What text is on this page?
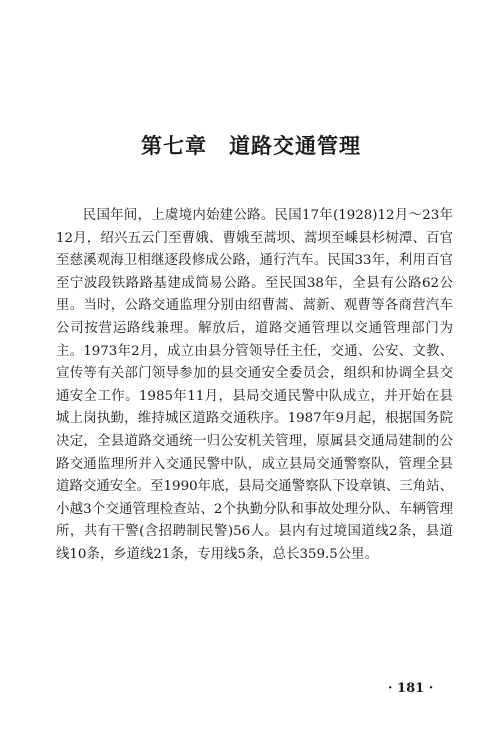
第七章　道路交通管理

民国年间，上虞境内始建公路。民国17年(1928)12月～23年12月，绍兴五云门至曹娥、曹娥至蒿坝、蒿坝至嵊县杉树潭、百官至慈溪观海卫相继逐段修成公路，通行汽车。民国33年，利用百官至宁波段铁路路基建成简易公路。至民国38年，全县有公路62公里。当时，公路交通监理分别由绍曹蒿、蒿新、观曹等各商营汽车公司按营运路线兼理。解放后，道路交通管理以交通管理部门为主。1973年2月，成立由县分管领导任主任，交通、公安、文教、宣传等有关部门领导参加的县交通安全委员会，组织和协调全县交通安全工作。1985年11月，县局交通民警中队成立，并开始在县城上岗执勤，维持城区道路交通秩序。1987年9月起，根据国务院决定，全县道路交通统一归公安机关管理，原属县交通局建制的公路交通监理所并入交通民警中队，成立县局交通警察队，管理全县道路交通安全。至1990年底，县局交通警察队下设章镇、三角站、小越3个交通管理检查站、2个执勤分队和事故处理分队、车辆管理所，共有干警(含招聘制民警)56人。县内有过境国道线2条，县道线10条，乡道线21条，专用线5条，总长359.5公里。

· 181 ·
